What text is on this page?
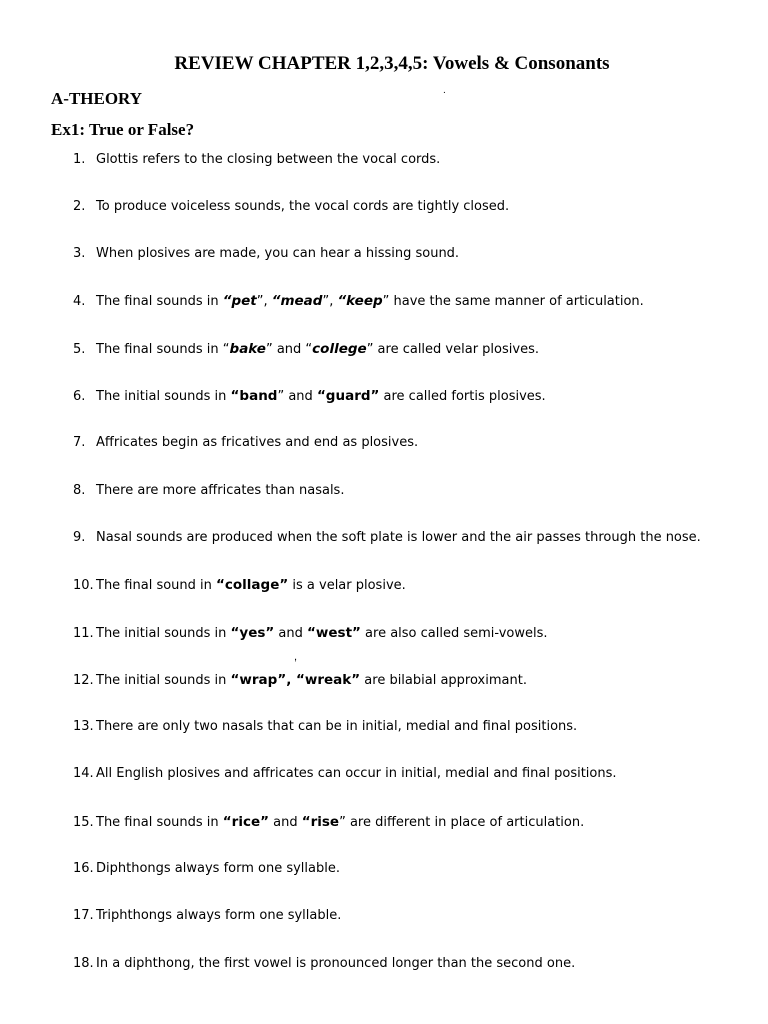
REVIEW CHAPTER 1,2,3,4,5: Vowels & Consonants
A-THEORY	.
Ex1: True or False?
,
1. Glottis refers to the closing between the vocal cords.
2. To produce voiceless sounds, the vocal cords are tightly closed.
3. When plosives are made, you can hear a hissing sound.
4. The final sounds in “pet”, “mead”, “keep” have the same manner of articulation.
5. The final sounds in “bake” and “college” are called velar plosives.
6. The initial sounds in “band” and “guard” are called fortis plosives.
7. Affricates begin as fricatives and end as plosives.
8. There are more affricates than nasals.
9. Nasal sounds are produced when the soft plate is lower and the air passes through the nose.
10. The final sound in “collage” is a velar plosive.
11. The initial sounds in “yes” and “west” are also called semi-vowels.
12. The initial sounds in “wrap”, “wreak” are bilabial approximant.
13. There are only two nasals that can be in initial, medial and final positions.
14. All English plosives and affricates can occur in initial, medial and final positions.
15. The final sounds in “rice” and “rise” are different in place of articulation.
16. Diphthongs always form one syllable.
17. Triphthongs always form one syllable.
18. In a diphthong, the first vowel is pronounced longer than the second one.
